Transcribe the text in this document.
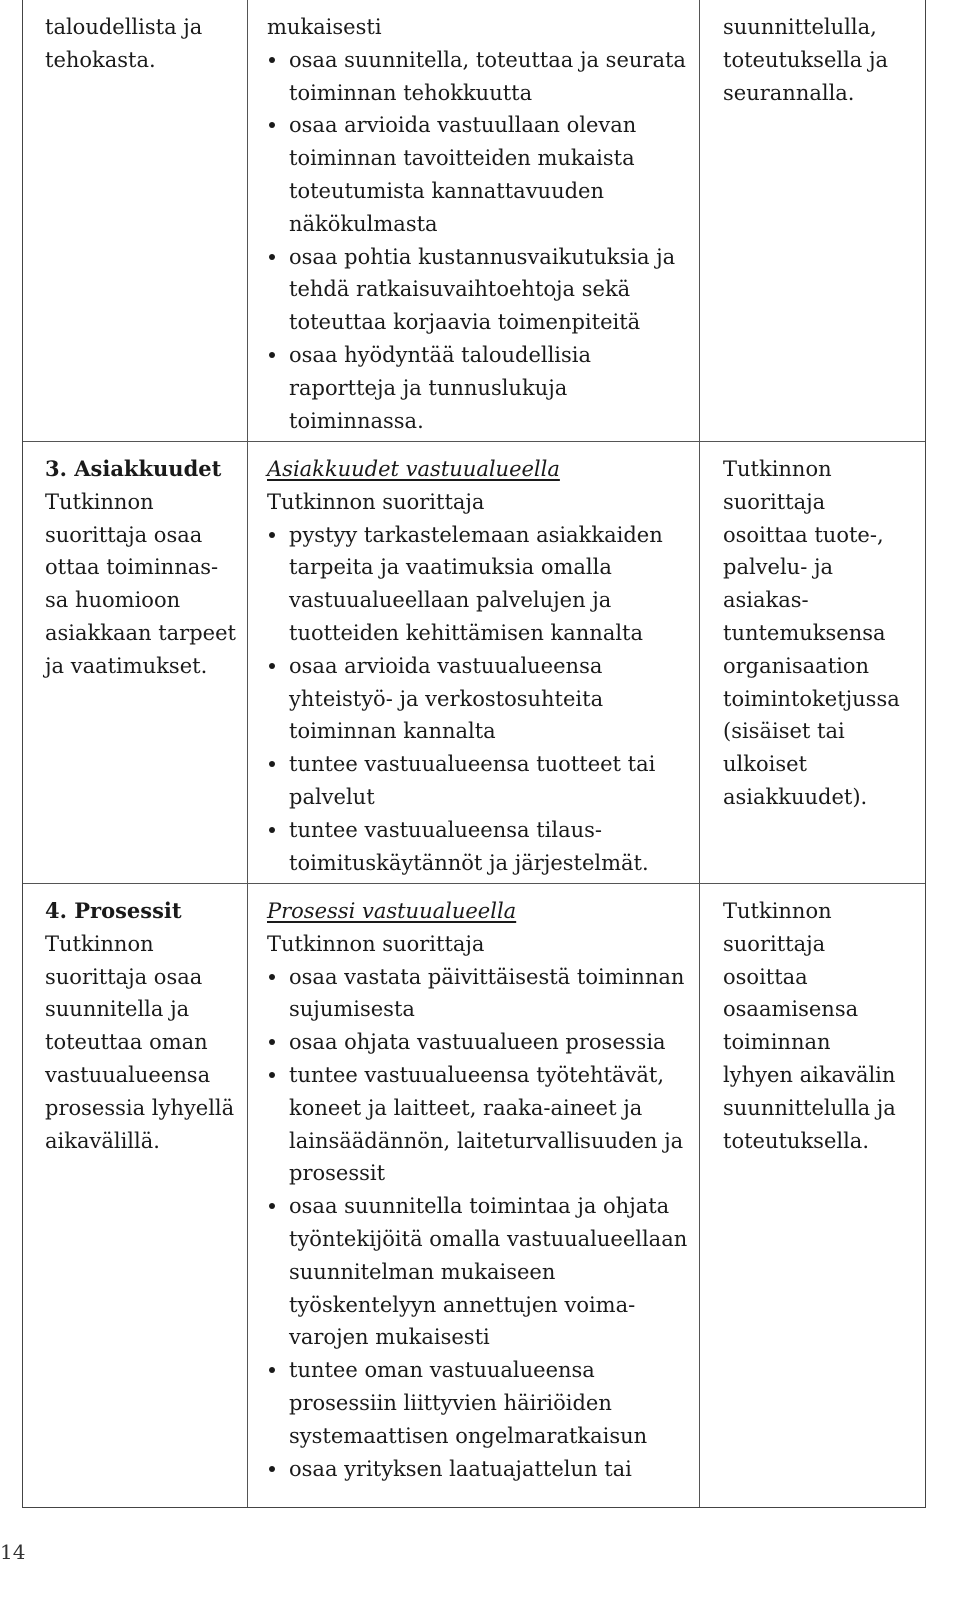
taloudellista ja
tehokasta.
mukaisesti
osaa suunnitella, toteuttaa ja seurata
toiminnan tehokkuutta
osaa arvioida vastuullaan olevan
toiminnan tavoitteiden mukaista
toteutumista kannattavuuden
näkökulmasta
osaa pohtia kustannusvaikutuksia ja
tehdä ratkaisuvaihtoehtoja sekä
toteuttaa korjaavia toimenpiteitä
osaa hyödyntää taloudellisia
raportteja ja tunnuslukuja
toiminnassa.
suunnittelulla,
toteutuksella ja
seurannalla.
3. Asiakkuudet
Tutkinnon
suorittaja osaa
ottaa toiminnas-
sa huomioon
asiakkaan tarpeet
ja vaatimukset.
Asiakkuudet vastuualueella
Tutkinnon suorittaja
pystyy tarkastelemaan asiakkaiden
tarpeita ja vaatimuksia omalla
vastuualueellaan palvelujen ja
tuotteiden kehittämisen kannalta
osaa arvioida vastuualueensa
yhteistyö- ja verkostosuhteita
toiminnan kannalta
tuntee vastuualueensa tuotteet tai
palvelut
tuntee vastuualueensa tilaus-
toimituskäytännöt ja järjestelmät.
Tutkinnon
suorittaja
osoittaa tuote-,
palvelu- ja
asiakas-
tuntemuksensa
organisaation
toimintoketjussa
(sisäiset tai
ulkoiset
asiakkuudet).
4. Prosessit
Tutkinnon
suorittaja osaa
suunnitella ja
toteuttaa oman
vastuualueensa
prosessia lyhyellä
aikavälillä.
Prosessi vastuualueella
Tutkinnon suorittaja
osaa vastata päivittäisestä toiminnan
sujumisesta
osaa ohjata vastuualueen prosessia
tuntee vastuualueensa työtehtävät,
koneet ja laitteet, raaka-aineet ja
lainsäädännön, laiteturvallisuuden ja
prosessit
osaa suunnitella toimintaa ja ohjata
työntekijöitä omalla vastuualueellaan
suunnitelman mukaiseen
työskentelyyn annettujen voima-
varojen mukaisesti
tuntee oman vastuualueensa
prosessiin liittyvien häiriöiden
systemaattisen ongelmaratkaisun
osaa yrityksen laatuajattelun tai
Tutkinnon
suorittaja
osoittaa
osaamisensa
toiminnan
lyhyen aikavälin
suunnittelulla ja
toteutuksella.
14
